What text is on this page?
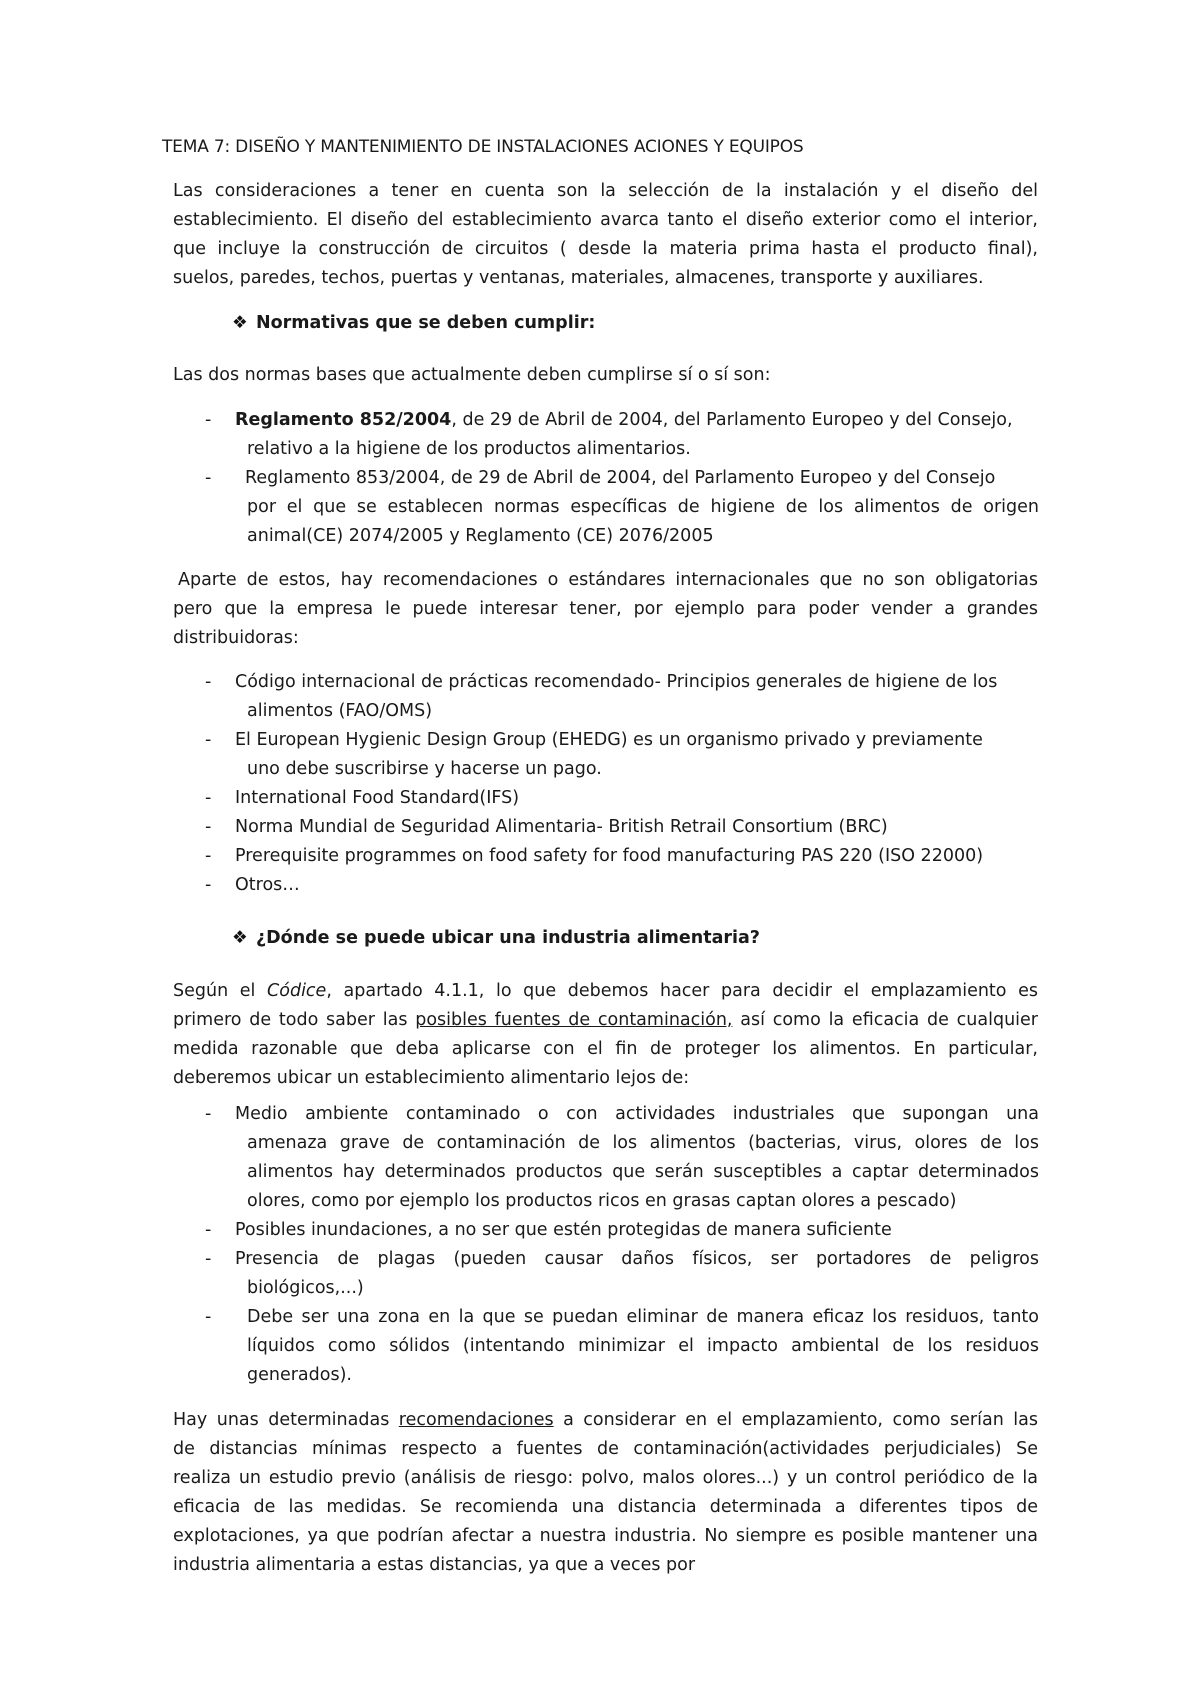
TEMA 7: DISEÑO Y MANTENIMIENTO DE INSTALACIONES ACIONES Y EQUIPOS
Las consideraciones a tener en cuenta son la selección de la instalación y el diseño del
establecimiento. El diseño del establecimiento avarca tanto el diseño exterior como el interior,
que incluye la construcción de circuitos ( desde la materia prima hasta el producto final),
suelos, paredes, techos, puertas y ventanas, materiales, almacenes, transporte y auxiliares.
❖ Normativas que se deben cumplir:
Las dos normas bases que actualmente deben cumplirse sí o sí son:
- Reglamento 852/2004, de 29 de Abril de 2004, del Parlamento Europeo y del Consejo,
relativo a la higiene de los productos alimentarios.
- Reglamento 853/2004, de 29 de Abril de 2004, del Parlamento Europeo y del Consejo
por el que se establecen normas específicas de higiene de los alimentos de origen
animal(CE) 2074/2005 y Reglamento (CE) 2076/2005
Aparte de estos, hay recomendaciones o estándares internacionales que no son obligatorias
pero que la empresa le puede interesar tener, por ejemplo para poder vender a grandes
distribuidoras:
- Código internacional de prácticas recomendado- Principios generales de higiene de los
alimentos (FAO/OMS)
- El European Hygienic Design Group (EHEDG) es un organismo privado y previamente
uno debe suscribirse y hacerse un pago.
- International Food Standard(IFS)
- Norma Mundial de Seguridad Alimentaria- British Retrail Consortium (BRC)
- Prerequisite programmes on food safety for food manufacturing PAS 220 (ISO 22000)
- Otros…
❖ ¿Dónde se puede ubicar una industria alimentaria?
Según el Códice, apartado 4.1.1, lo que debemos hacer para decidir el emplazamiento es
primero de todo saber las posibles fuentes de contaminación, así como la eficacia de cualquier
medida razonable que deba aplicarse con el fin de proteger los alimentos. En particular,
deberemos ubicar un establecimiento alimentario lejos de:
- Medio ambiente contaminado o con actividades industriales que supongan una
amenaza grave de contaminación de los alimentos (bacterias, virus, olores de los
alimentos hay determinados productos que serán susceptibles a captar determinados
olores, como por ejemplo los productos ricos en grasas captan olores a pescado)
- Posibles inundaciones, a no ser que estén protegidas de manera suficiente
- Presencia de plagas (pueden causar daños físicos, ser portadores de peligros
biológicos,...)
- Debe ser una zona en la que se puedan eliminar de manera eficaz los residuos, tanto
líquidos como sólidos (intentando minimizar el impacto ambiental de los residuos
generados).
Hay unas determinadas recomendaciones a considerar en el emplazamiento, como serían las
de distancias mínimas respecto a fuentes de contaminación(actividades perjudiciales) Se
realiza un estudio previo (análisis de riesgo: polvo, malos olores...) y un control periódico de la
eficacia de las medidas. Se recomienda una distancia determinada a diferentes tipos de
explotaciones, ya que podrían afectar a nuestra industria. No siempre es posible mantener una
industria alimentaria a estas distancias, ya que a veces por
